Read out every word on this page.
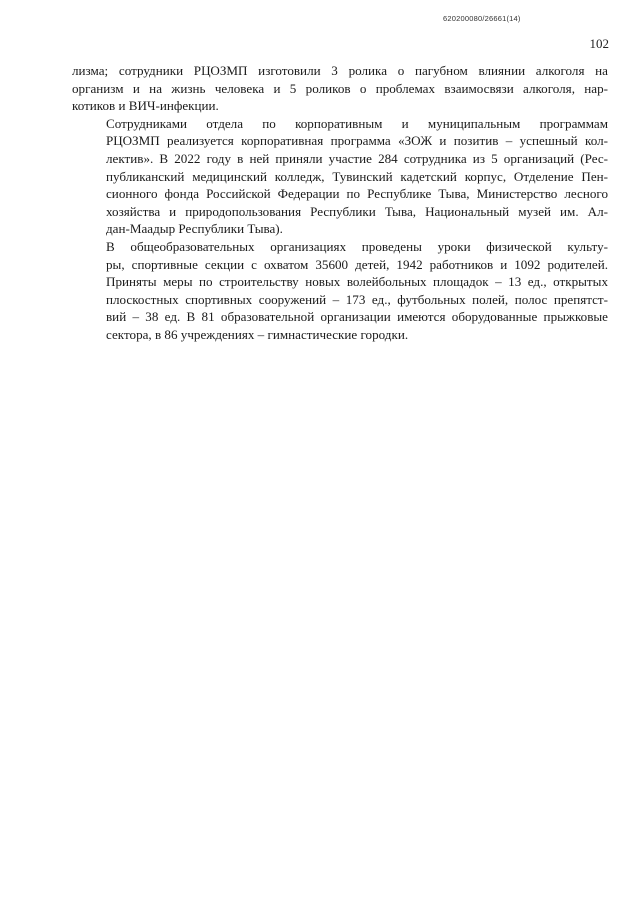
620200080/26661(14)
102

лизма; сотрудники РЦОЗМП изготовили 3 ролика о пагубном влиянии алкоголя на
организм и на жизнь человека и 5 роликов о проблемах взаимосвязи алкоголя, нар-
котиков и ВИЧ-инфекции.

Сотрудниками отдела по корпоративным и муниципальным программам
РЦОЗМП реализуется корпоративная программа «ЗОЖ и позитив – успешный кол-
лектив». В 2022 году в ней приняли участие 284 сотрудника из 5 организаций (Рес-
публиканский медицинский колледж, Тувинский кадетский корпус, Отделение Пен-
сионного фонда Российской Федерации по Республике Тыва, Министерство лесного
хозяйства и природопользования Республики Тыва, Национальный музей им. Ал-
дан-Маадыр Республики Тыва).

В общеобразовательных организациях проведены уроки физической культу-
ры, спортивные секции с охватом 35600 детей, 1942 работников и 1092 родителей.
Приняты меры по строительству новых волейбольных площадок – 13 ед., открытых
плоскостных спортивных сооружений – 173 ед., футбольных полей, полос препятст-
вий – 38 ед. В 81 образовательной организации имеются оборудованные прыжковые
сектора, в 86 учреждениях – гимнастические городки.
